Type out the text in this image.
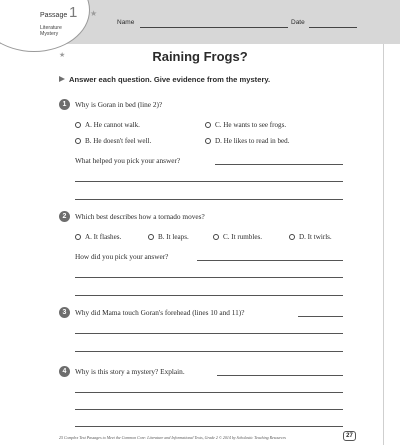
Passage 1
Literature
Mystery
★
★
Name	Date
Raining Frogs?
Answer each question. Give evidence from the mystery.
1	Why is Goran in bed (line 2)?
A. He cannot walk.	C. He wants to see frogs.
B. He doesn't feel well.	D. He likes to read in bed.
What helped you pick your answer?
2	Which best describes how a tornado moves?
A. It flashes.	B. It leaps.	C. It rumbles.	D. It twirls.
How did you pick your answer?
3	Why did Mama touch Goran's forehead (lines 10 and 11)?
4	Why is this story a mystery? Explain.
25 Complex Text Passages to Meet the Common Core: Literature and Informational Texts, Grade 2 © 2014 by Scholastic Teaching Resources	27
